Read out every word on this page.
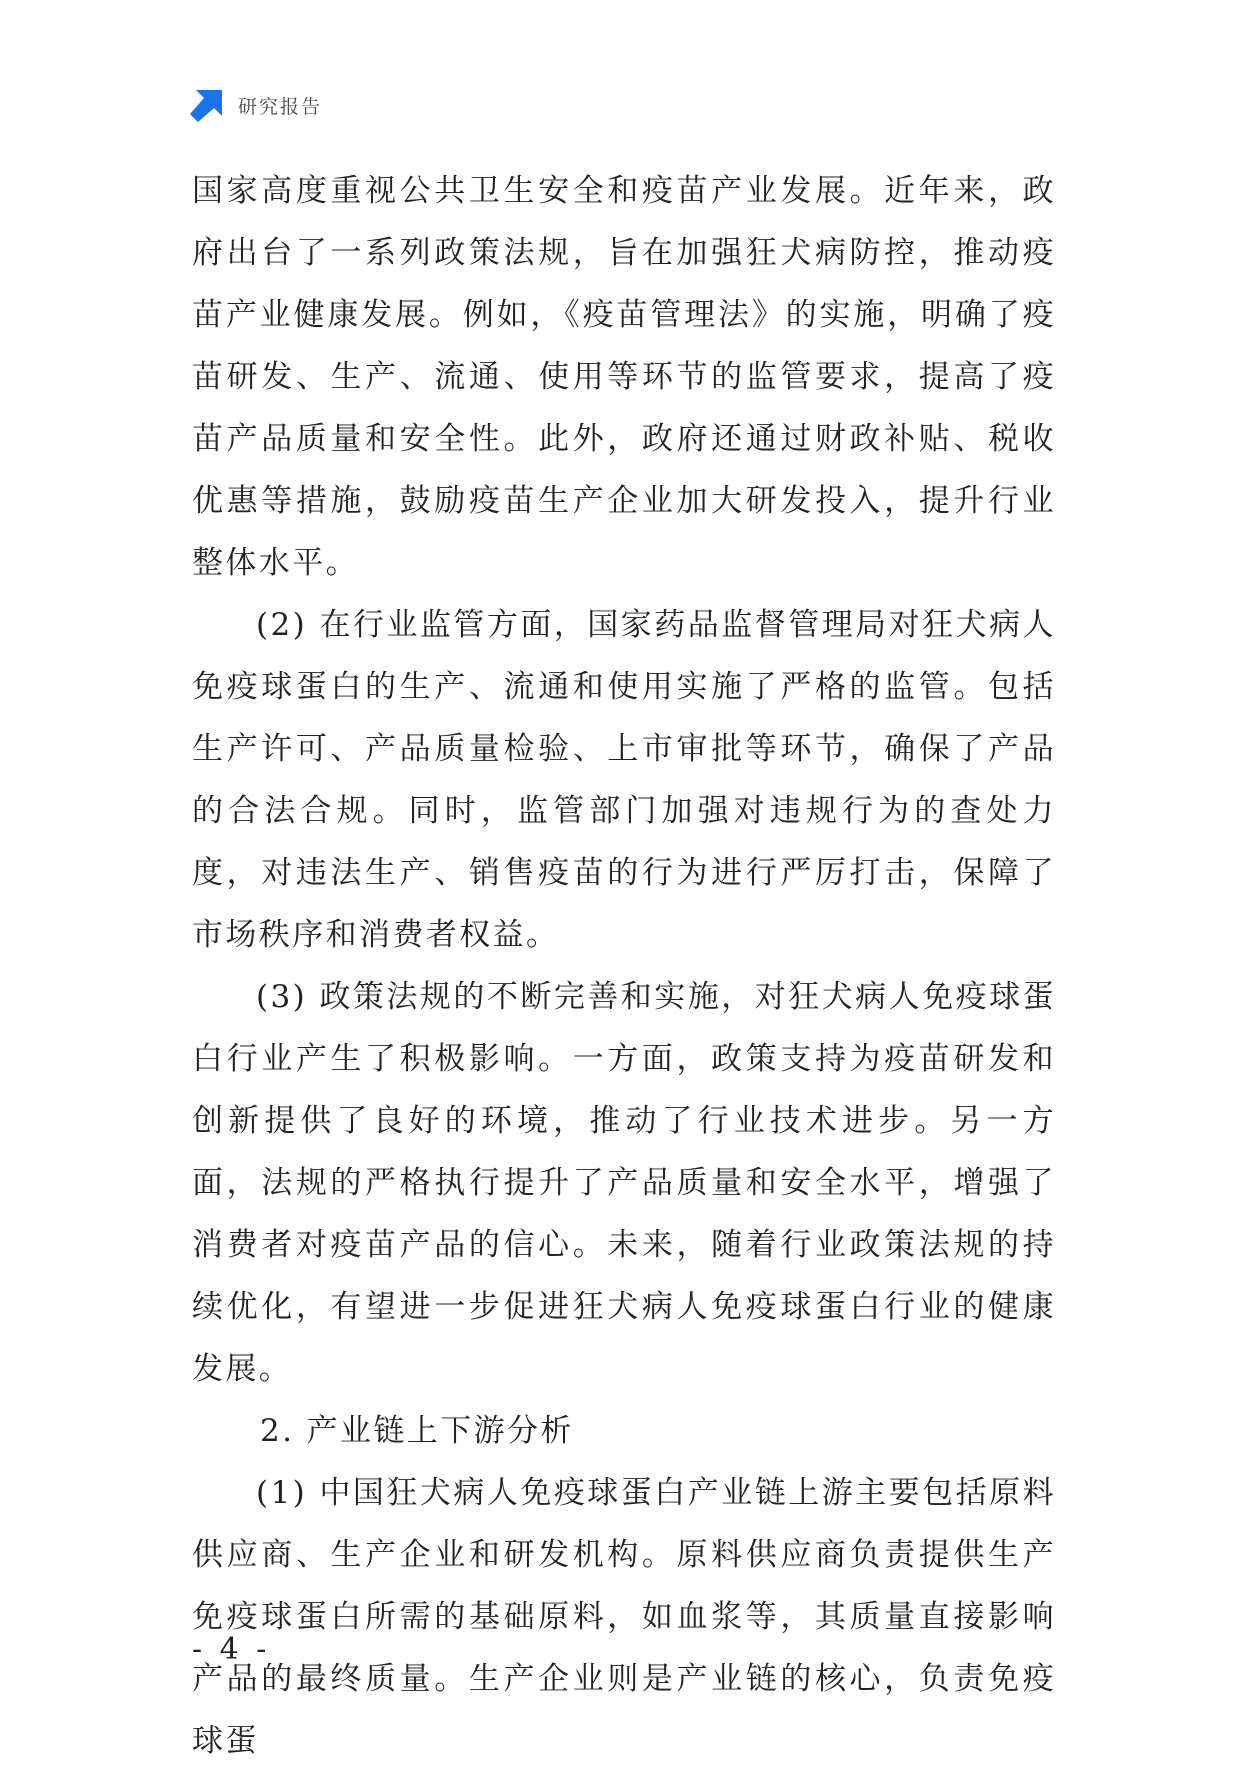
研究报告

国家高度重视公共卫生安全和疫苗产业发展。近年来，政府出台了一系列政策法规，旨在加强狂犬病防控，推动疫苗产业健康发展。例如，《疫苗管理法》的实施，明确了疫苗研发、生产、流通、使用等环节的监管要求，提高了疫苗产品质量和安全性。此外，政府还通过财政补贴、税收优惠等措施，鼓励疫苗生产企业加大研发投入，提升行业整体水平。

(2) 在行业监管方面，国家药品监督管理局对狂犬病人免疫球蛋白的生产、流通和使用实施了严格的监管。包括生产许可、产品质量检验、上市审批等环节，确保了产品的合法合规。同时，监管部门加强对违规行为的查处力度，对违法生产、销售疫苗的行为进行严厉打击，保障了市场秩序和消费者权益。

(3) 政策法规的不断完善和实施，对狂犬病人免疫球蛋白行业产生了积极影响。一方面，政策支持为疫苗研发和创新提供了良好的环境，推动了行业技术进步。另一方面，法规的严格执行提升了产品质量和安全水平，增强了消费者对疫苗产品的信心。未来，随着行业政策法规的持续优化，有望进一步促进狂犬病人免疫球蛋白行业的健康发展。

2. 产业链上下游分析

(1) 中国狂犬病人免疫球蛋白产业链上游主要包括原料供应商、生产企业和研发机构。原料供应商负责提供生产免疫球蛋白所需的基础原料，如血浆等，其质量直接影响产品的最终质量。生产企业则是产业链的核心，负责免疫球蛋

- 4 -
